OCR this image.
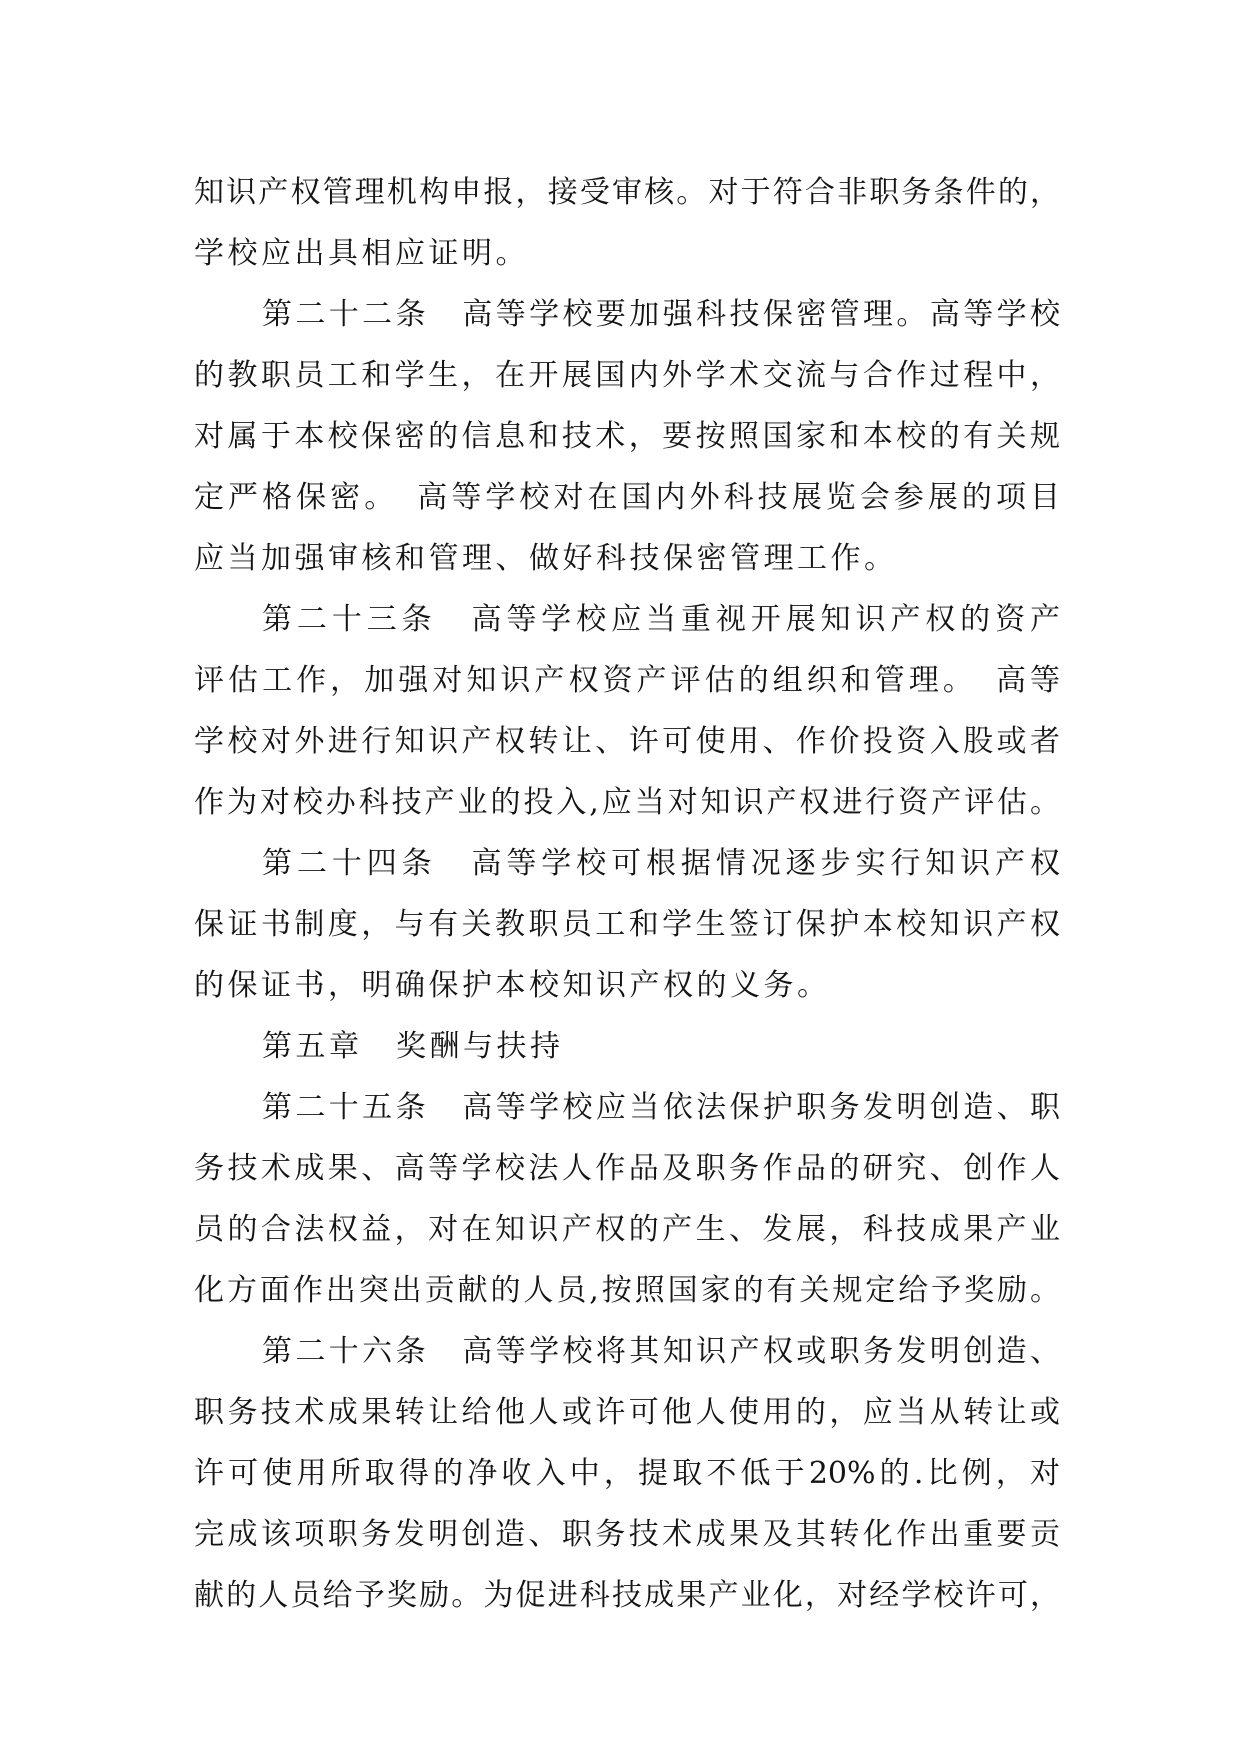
知识产权管理机构申报，接受审核。对于符合非职务条件的，
学校应出具相应证明。
第二十二条　高等学校要加强科技保密管理。高等学校
的教职员工和学生，在开展国内外学术交流与合作过程中，
对属于本校保密的信息和技术，要按照国家和本校的有关规
定严格保密。　高等学校对在国内外科技展览会参展的项目
应当加强审核和管理、做好科技保密管理工作。
第二十三条　高等学校应当重视开展知识产权的资产
评估工作，加强对知识产权资产评估的组织和管理。　高等
学校对外进行知识产权转让、许可使用、作价投资入股或者
作为对校办科技产业的投入,应当对知识产权进行资产评估。
第二十四条　高等学校可根据情况逐步实行知识产权
保证书制度，与有关教职员工和学生签订保护本校知识产权
的保证书，明确保护本校知识产权的义务。
第五章　奖酬与扶持
第二十五条　高等学校应当依法保护职务发明创造、职
务技术成果、高等学校法人作品及职务作品的研究、创作人
员的合法权益，对在知识产权的产生、发展，科技成果产业
化方面作出突出贡献的人员,按照国家的有关规定给予奖励。
第二十六条　高等学校将其知识产权或职务发明创造、
职务技术成果转让给他人或许可他人使用的，应当从转让或
许可使用所取得的净收入中，提取不低于20%的.比例，对
完成该项职务发明创造、职务技术成果及其转化作出重要贡
献的人员给予奖励。为促进科技成果产业化，对经学校许可，
